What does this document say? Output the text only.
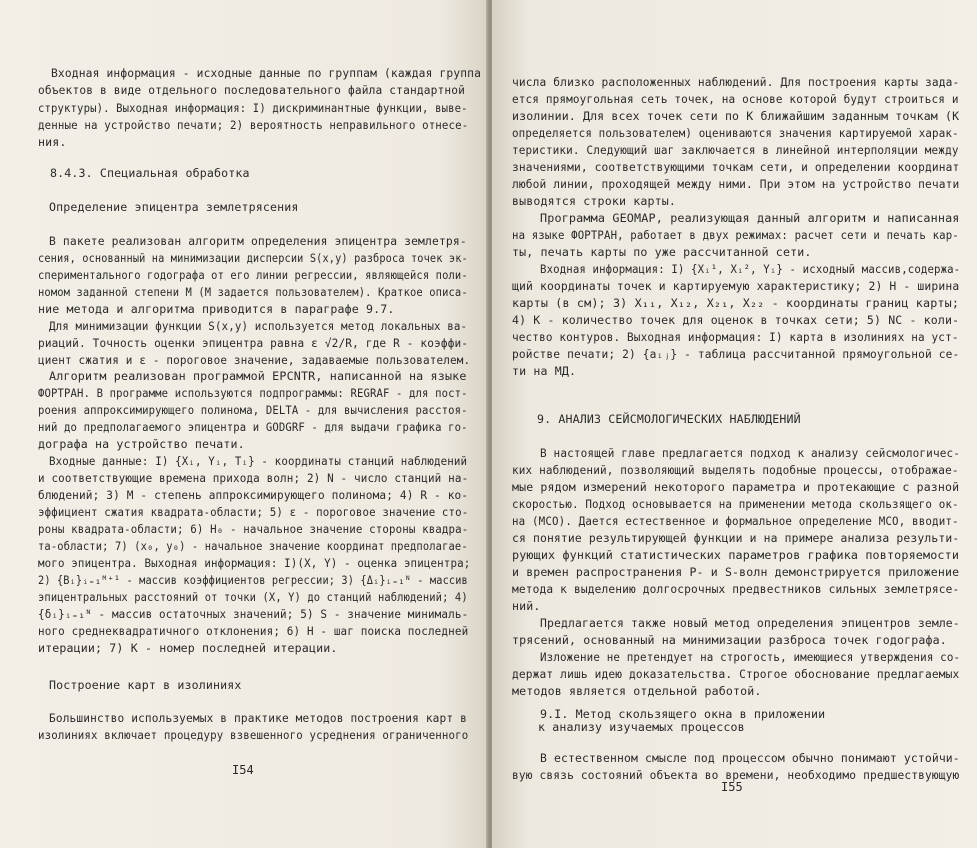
I54
I55
Входная информация - исходные данные по группам (каждая группа
объектов в виде отдельного последовательного файла стандартной
структуры). Выходная информация: I) дискриминантные функции, выве-
денные на устройство печати; 2) вероятность неправильного отнесе-
ния.
8.4.3. Специальная обработка
Определение эпицентра землетрясения
В пакете реализован алгоритм определения эпицентра землетря-
сения, основанный на минимизации дисперсии S(x,y) разброса точек эк-
спериментального годографа от его линии регрессии, являющейся поли-
номом заданной степени M (M задается пользователем). Краткое описа-
ние метода и алгоритма приводится в параграфе 9.7.
Для минимизации функции S(x,y) используется метод локальных ва-
риаций. Точность оценки эпицентра равна ε √2/R, где R - коэффи-
циент сжатия и ε - пороговое значение, задаваемые пользователем.
Алгоритм реализован программой EPCNTR, написанной на языке
ФОРТРАН. В программе используются подпрограммы: REGRAF - для пост-
роения аппроксимирующего полинома, DELTA - для вычисления расстоя-
ний до предполагаемого эпицентра и GODGRF - для выдачи графика го-
дографа на устройство печати.
Входные данные: I) {Xᵢ, Yᵢ, Tᵢ} - координаты станций наблюдений
и соответствующие времена прихода волн; 2) N - число станций на-
блюдений; 3) M - степень аппроксимирующего полинома; 4) R - ко-
эффициент сжатия квадрата-области; 5) ε - пороговое значение сто-
роны квадрата-области; 6) H₀ - начальное значение стороны квадра-
та-области; 7) (x₀, y₀) - начальное значение координат предполагае-
мого эпицентра. Выходная информация: I)(X, Y) - оценка эпицентра;
2) {Bᵢ}ᵢ₌₁ᴹ⁺¹ - массив коэффициентов регрессии; 3) {Δᵢ}ᵢ₌₁ᴺ - массив
эпицентральных расстояний от точки (X, Y) до станций наблюдений; 4)
{δᵢ}ᵢ₌₁ᴺ - массив остаточных значений; 5) S - значение минималь-
ного среднеквадратичного отклонения; 6) H - шаг поиска последней
итерации; 7) K - номер последней итерации.
Построение карт в изолиниях
Большинство используемых в практике методов построения карт в
изолиниях включает процедуру взвешенного усреднения ограниченного
числа близко расположенных наблюдений. Для построения карты зада-
ется прямоугольная сеть точек, на основе которой будут строиться и
изолинии. Для всех точек сети по K ближайшим заданным точкам (K
определяется пользователем) оцениваются значения картируемой харак-
теристики. Следующий шаг заключается в линейной интерполяции между
значениями, соответствующими точкам сети, и определении координат
любой линии, проходящей между ними. При этом на устройство печати
выводятся строки карты.
Программа GEOMAP, реализующая данный алгоритм и написанная
на языке ФОРТРАН, работает в двух режимах: расчет сети и печать кар-
ты, печать карты по уже рассчитанной сети.
Входная информация: I) {Xᵢ¹, Xᵢ², Yᵢ} - исходный массив,содержа-
щий координаты точек и картируемую характеристику; 2) H - ширина
карты (в см); 3) X₁₁, X₁₂, X₂₁, X₂₂ - координаты границ карты;
4) K - количество точек для оценок в точках сети; 5) NC - коли-
чество контуров. Выходная информация: I) карта в изолиниях на уст-
ройстве печати; 2) {aᵢⱼ} - таблица рассчитанной прямоугольной се-
ти на МД.
9. АНАЛИЗ СЕЙСМОЛОГИЧЕСКИХ НАБЛЮДЕНИЙ
В настоящей главе предлагается подход к анализу сейсмологичес-
ких наблюдений, позволяющий выделять подобные процессы, отображае-
мые рядом измерений некоторого параметра и протекающие с разной
скоростью. Подход основывается на применении метода скользящего ок-
на (MCO). Дается естественное и формальное определение MCO, вводит-
ся понятие результирующей функции и на примере анализа результи-
рующих функций статистических параметров графика повторяемости
и времен распространения P- и S-волн демонстрируется приложение
метода к выделению долгосрочных предвестников сильных землетрясе-
ний.
Предлагается также новый метод определения эпицентров земле-
трясений, основанный на минимизации разброса точек годографа.
Изложение не претендует на строгость, имеющиеся утверждения со-
держат лишь идею доказательства. Строгое обоснование предлагаемых
методов является отдельной работой.
9.I. Метод скользящего окна в приложении
к анализу изучаемых процессов
В естественном смысле под процессом обычно понимают устойчи-
вую связь состояний объекта во времени, необходимо предшествующую
